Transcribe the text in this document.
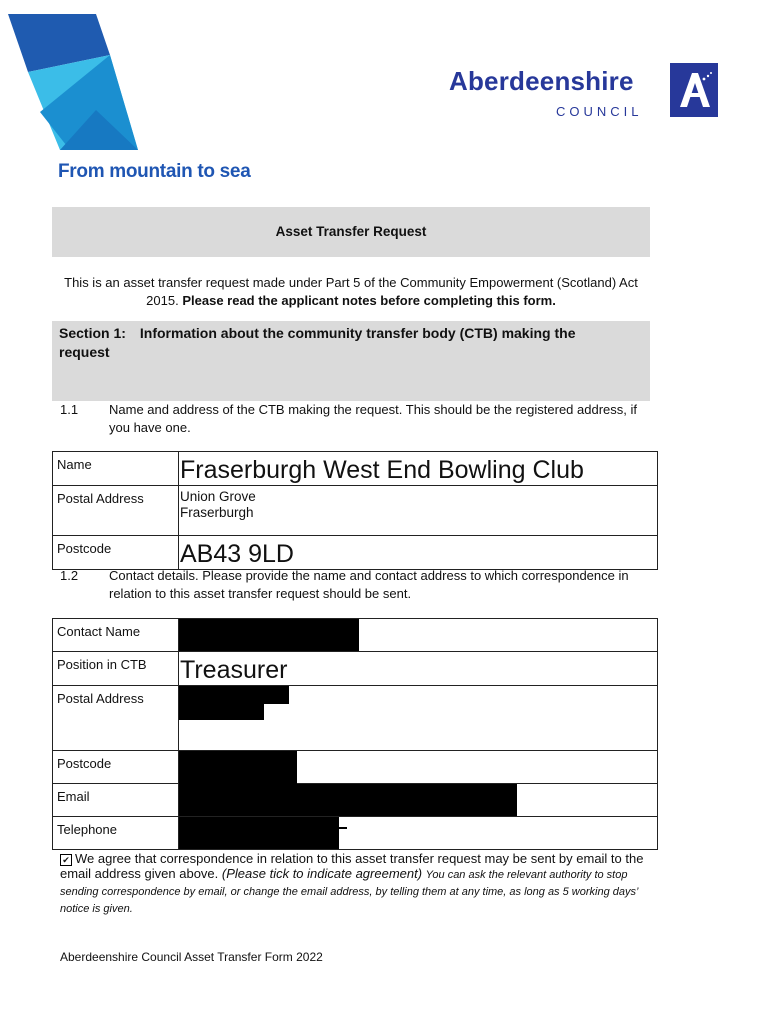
Aberdeenshire
COUNCIL
From mountain to sea
Asset Transfer Request
This is an asset transfer request made under Part 5 of the Community Empowerment (Scotland) Act 2015. Please read the applicant notes before completing this form.
Section 1: Information about the community transfer body (CTB) making the
request
1.1 Name and address of the CTB making the request. This should be the registered address, if you have one.
Name	Fraserburgh West End Bowling Club

Postal Address	Union Grove
Fraserburgh

Postcode	AB43 9LD
1.2 Contact details. Please provide the name and contact address to which correspondence in relation to this asset transfer request should be sent.
Contact Name	

Position in CTB	Treasurer

Postal Address	

Postcode	

Email	

Telephone	
✔ We agree that correspondence in relation to this asset transfer request may be sent by email to the email address given above. (Please tick to indicate agreement) You can ask the relevant authority to stop sending correspondence by email, or change the email address, by telling them at any time, as long as 5 working days’ notice is given.
Aberdeenshire Council Asset Transfer Form 2022
